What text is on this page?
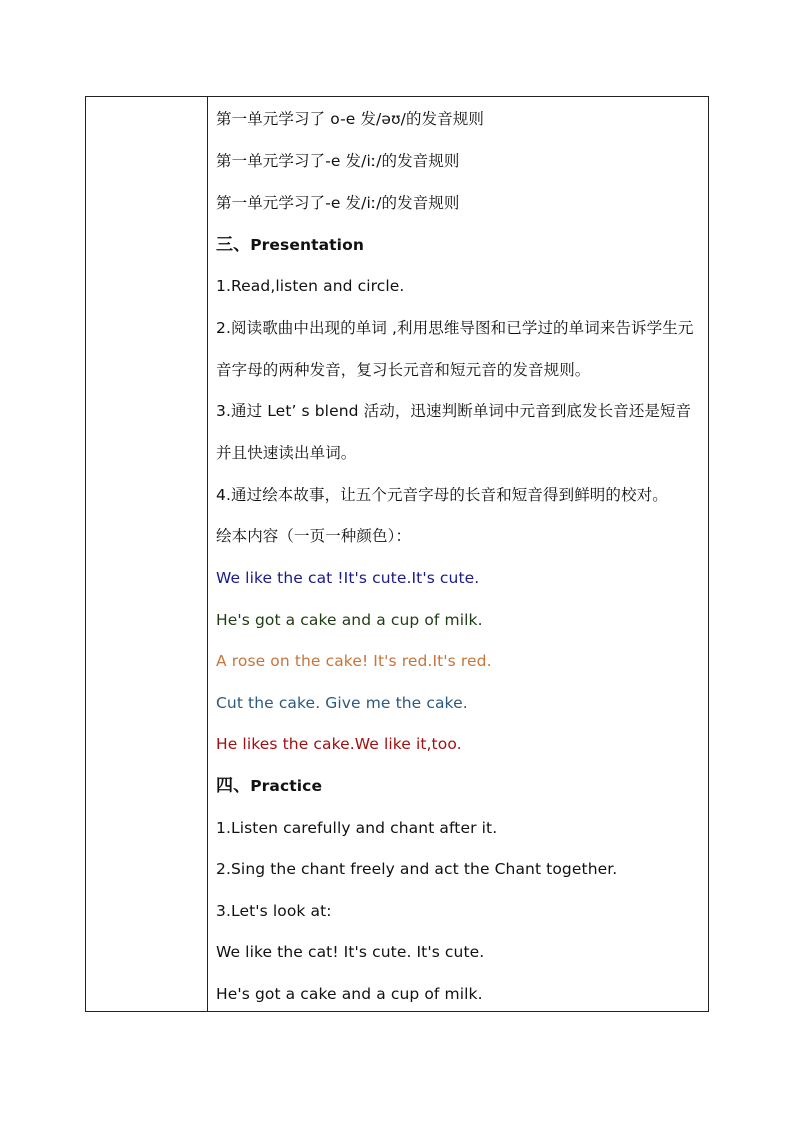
第一单元学习了 o-e 发/əʊ/的发音规则
第一单元学习了-e 发/iː/的发音规则
第一单元学习了-e 发/iː/的发音规则
三、Presentation
1.Read,listen and circle.
2.阅读歌曲中出现的单词 ,利用思维导图和已学过的单词来告诉学生元
音字母的两种发音，复习长元音和短元音的发音规则。
3.通过 Let’ s blend 活动，迅速判断单词中元音到底发长音还是短音
并且快速读出单词。
4.通过绘本故事，让五个元音字母的长音和短音得到鲜明的校对。
绘本内容（一页一种颜色）：
We like the cat !It's cute.It's cute.
He's got a cake and a cup of milk.
A rose on the cake! It's red.It's red.
Cut the cake. Give me the cake.
He likes the cake.We like it,too.
四、Practice
1.Listen carefully and chant after it.
2.Sing the chant freely and act the Chant together.
3.Let's look at:
We like the cat! It's cute. It's cute.
He's got a cake and a cup of milk.
